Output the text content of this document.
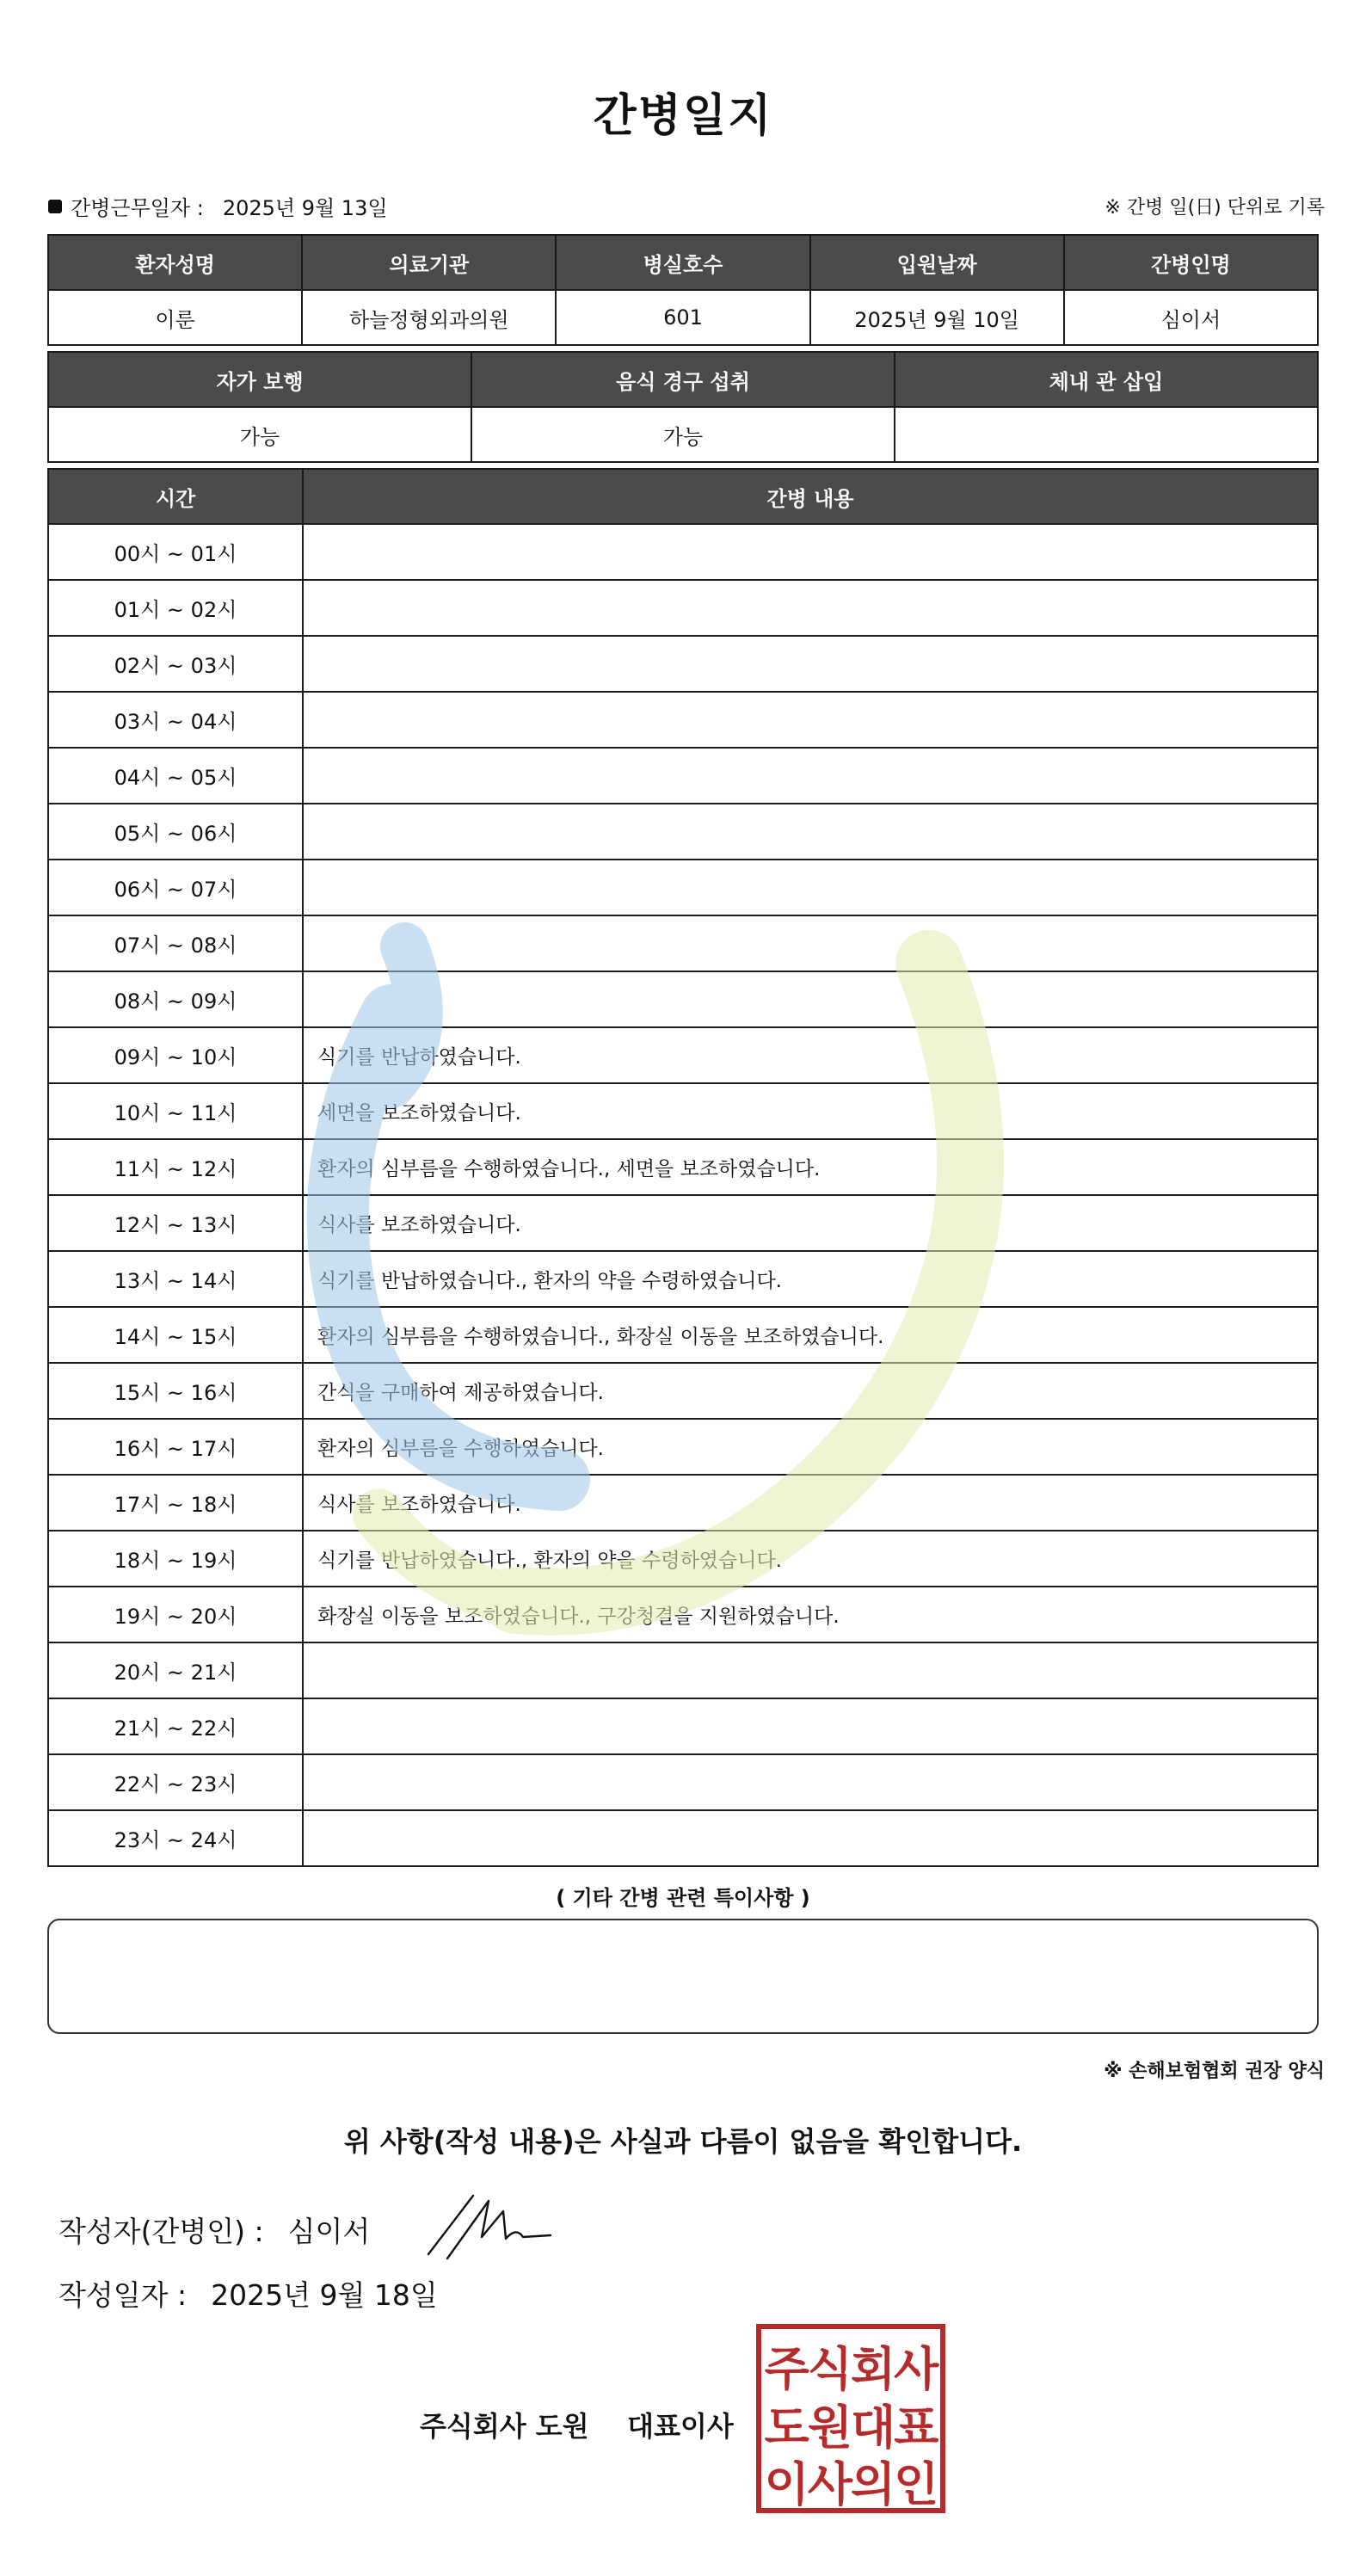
간병일지
간병근무일자 : 2025년 9월 13일	※ 간병 일(日) 단위로 기록
환자성명	의료기관	병실호수	입원날짜	간병인명
이룬	하늘정형외과의원	601	2025년 9월 10일	심이서
자가 보행	음식 경구 섭취	체내 관 삽입
가능	가능	
시간	간병 내용
00시 ~ 01시	
01시 ~ 02시	
02시 ~ 03시	
03시 ~ 04시	
04시 ~ 05시	
05시 ~ 06시	
06시 ~ 07시	
07시 ~ 08시	
08시 ~ 09시	
09시 ~ 10시	식기를 반납하였습니다.
10시 ~ 11시	세면을 보조하였습니다.
11시 ~ 12시	환자의 심부름을 수행하였습니다., 세면을 보조하였습니다.
12시 ~ 13시	식사를 보조하였습니다.
13시 ~ 14시	식기를 반납하였습니다., 환자의 약을 수령하였습니다.
14시 ~ 15시	환자의 심부름을 수행하였습니다., 화장실 이동을 보조하였습니다.
15시 ~ 16시	간식을 구매하여 제공하였습니다.
16시 ~ 17시	환자의 심부름을 수행하였습니다.
17시 ~ 18시	식사를 보조하였습니다.
18시 ~ 19시	식기를 반납하였습니다., 환자의 약을 수령하였습니다.
19시 ~ 20시	화장실 이동을 보조하였습니다., 구강청결을 지원하였습니다.
20시 ~ 21시	
21시 ~ 22시	
22시 ~ 23시	
23시 ~ 24시	
( 기타 간병 관련 특이사항 )
※ 손해보험협회 권장 양식
위 사항(작성 내용)은 사실과 다름이 없음을 확인합니다.
작성자(간병인) : 심이서
작성일자 : 2025년 9월 18일
주식회사 도원    대표이사
주식회사
도원대표
이사의인
